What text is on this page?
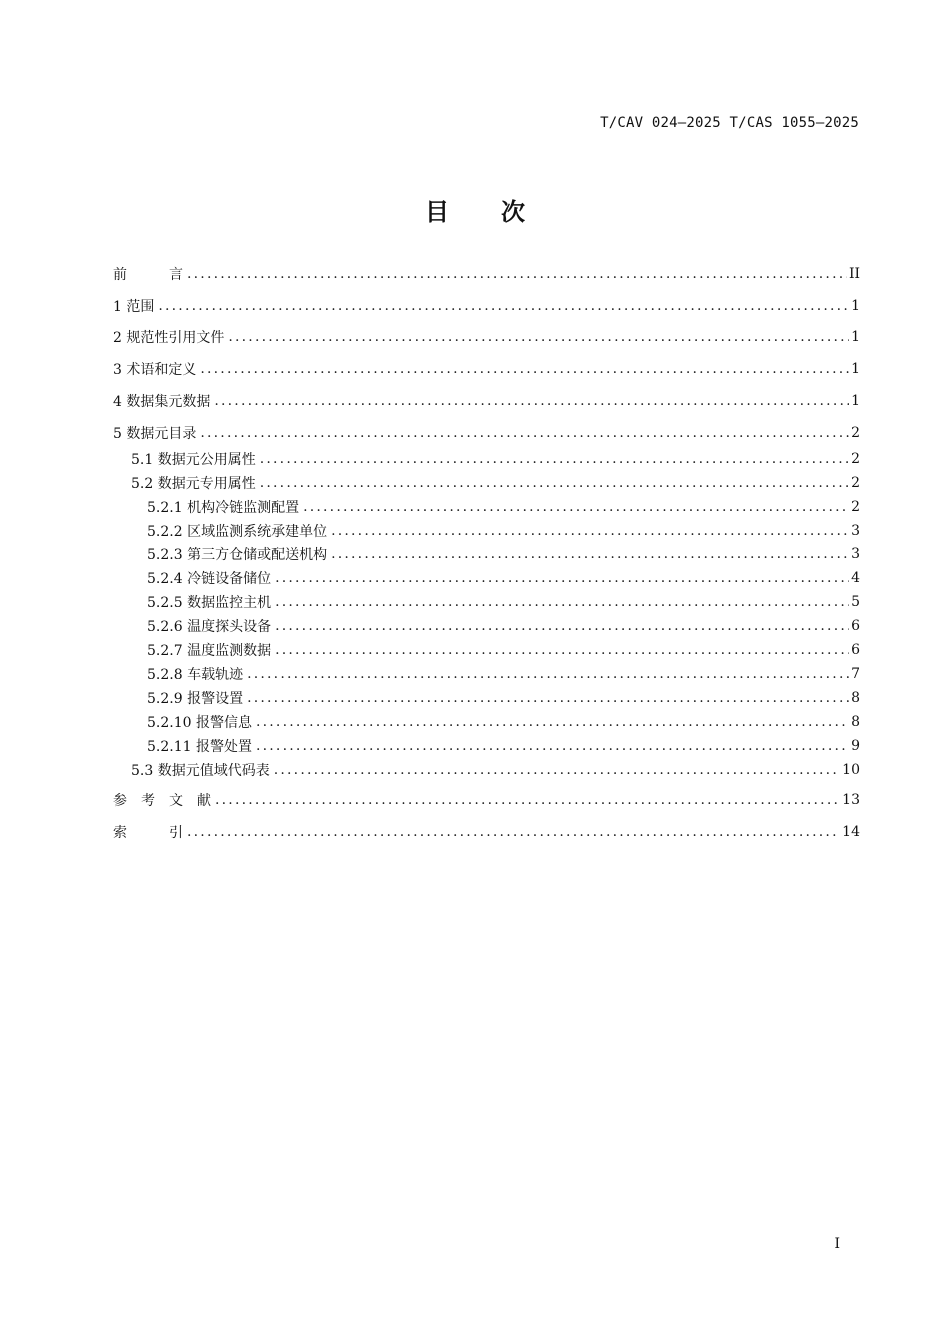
T/CAV 024—2025 T/CAS 1055—2025
目 次
前　　　言 .....	II
1 范围 .....	1
2 规范性引用文件 .....	1
3 术语和定义 .....	1
4 数据集元数据 .....	1
5 数据元目录 .....	2
5.1 数据元公用属性 .....	2
5.2 数据元专用属性 .....	2
5.2.1 机构冷链监测配置 .....	2
5.2.2 区域监测系统承建单位 .....	3
5.2.3 第三方仓储或配送机构 .....	3
5.2.4 冷链设备储位 .....	4
5.2.5 数据监控主机 .....	5
5.2.6 温度探头设备 .....	6
5.2.7 温度监测数据 .....	6
5.2.8 车载轨迹 .....	7
5.2.9 报警设置 .....	8
5.2.10 报警信息 .....	8
5.2.11 报警处置 .....	9
5.3 数据元值域代码表 .....	10
参　考　文　献 .....	13
索　　　引 .....	14
I
